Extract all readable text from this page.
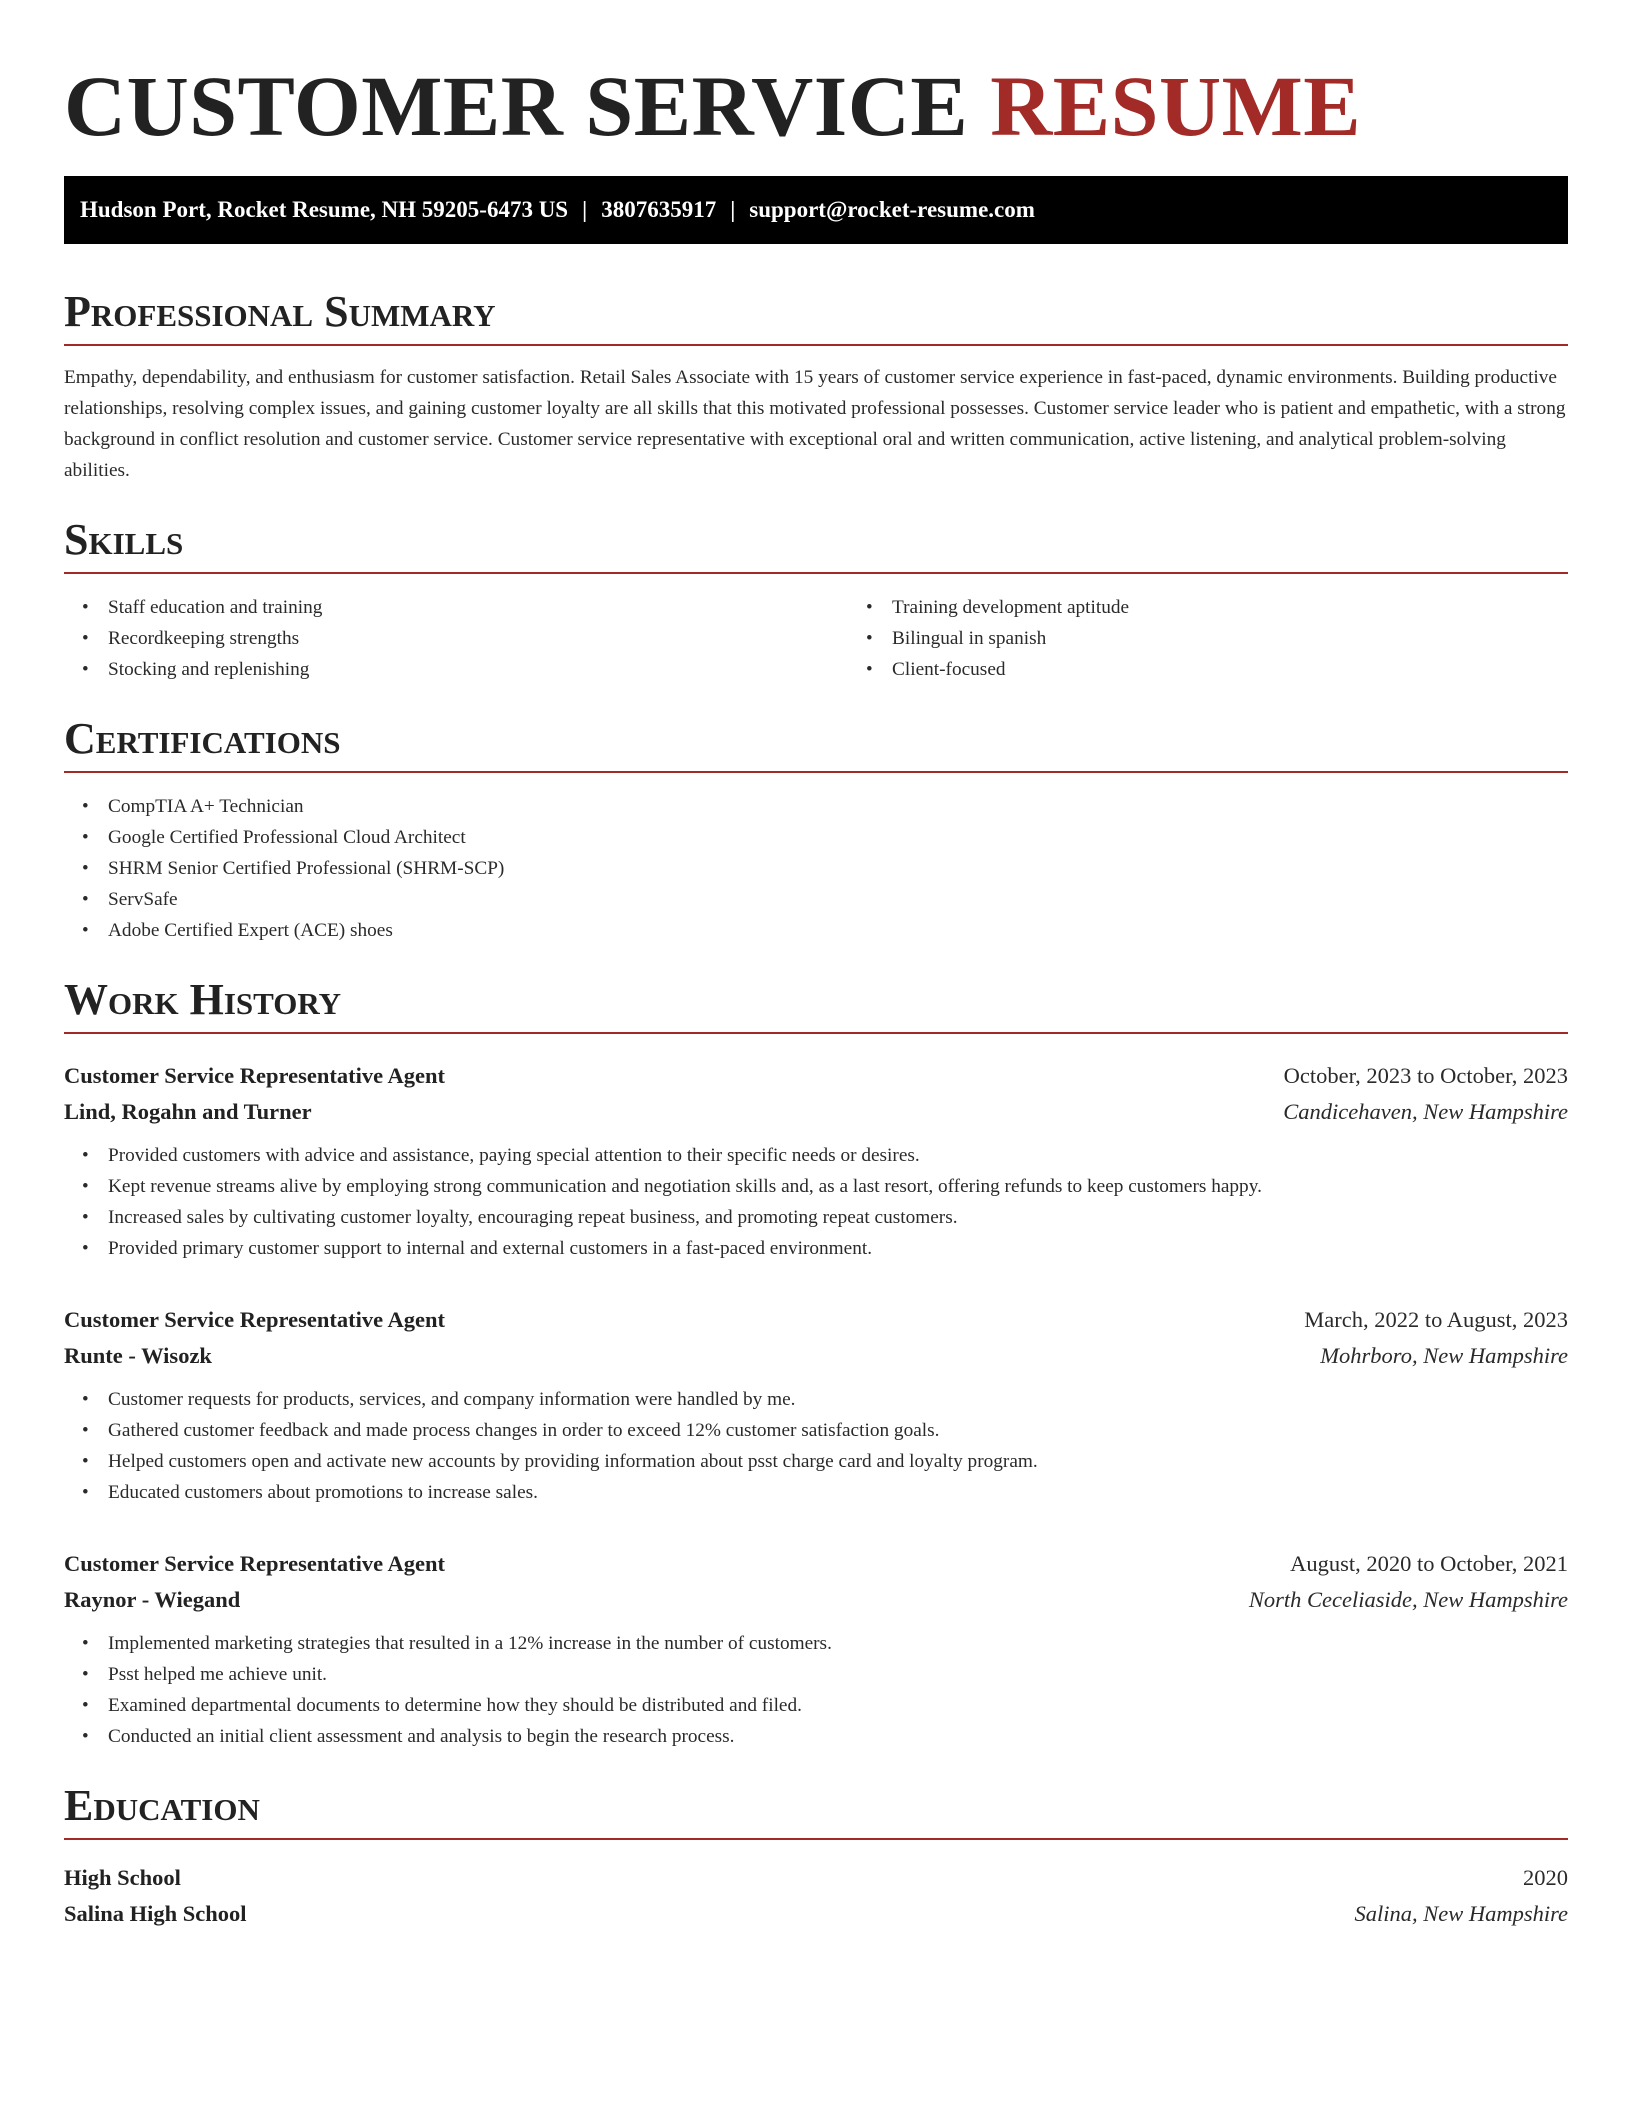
CUSTOMER SERVICE RESUME
Hudson Port, Rocket Resume, NH 59205-6473 US | 3807635917 | support@rocket-resume.com
Professional Summary

Empathy, dependability, and enthusiasm for customer satisfaction. Retail Sales Associate with 15 years of customer service experience in fast-paced, dynamic environments. Building productive relationships, resolving complex issues, and gaining customer loyalty are all skills that this motivated professional possesses. Customer service leader who is patient and empathetic, with a strong background in conflict resolution and customer service. Customer service representative with exceptional oral and written communication, active listening, and analytical problem-solving abilities.

Skills
• Staff education and training
• Recordkeeping strengths
• Stocking and replenishing
• Training development aptitude
• Bilingual in spanish
• Client-focused
Certifications
• CompTIA A+ Technician
• Google Certified Professional Cloud Architect
• SHRM Senior Certified Professional (SHRM-SCP)
• ServSafe
• Adobe Certified Expert (ACE) shoes
Work History
Customer Service Representative Agent	October, 2023 to October, 2023
Lind, Rogahn and Turner	Candicehaven, New Hampshire
• Provided customers with advice and assistance, paying special attention to their specific needs or desires.
• Kept revenue streams alive by employing strong communication and negotiation skills and, as a last resort, offering refunds to keep customers happy.
• Increased sales by cultivating customer loyalty, encouraging repeat business, and promoting repeat customers.
• Provided primary customer support to internal and external customers in a fast-paced environment.
Customer Service Representative Agent	March, 2022 to August, 2023
Runte - Wisozk	Mohrboro, New Hampshire
• Customer requests for products, services, and company information were handled by me.
• Gathered customer feedback and made process changes in order to exceed 12% customer satisfaction goals.
• Helped customers open and activate new accounts by providing information about psst charge card and loyalty program.
• Educated customers about promotions to increase sales.
Customer Service Representative Agent	August, 2020 to October, 2021
Raynor - Wiegand	North Ceceliaside, New Hampshire
• Implemented marketing strategies that resulted in a 12% increase in the number of customers.
• Psst helped me achieve unit.
• Examined departmental documents to determine how they should be distributed and filed.
• Conducted an initial client assessment and analysis to begin the research process.
Education
High School	2020
Salina High School	Salina, New Hampshire
